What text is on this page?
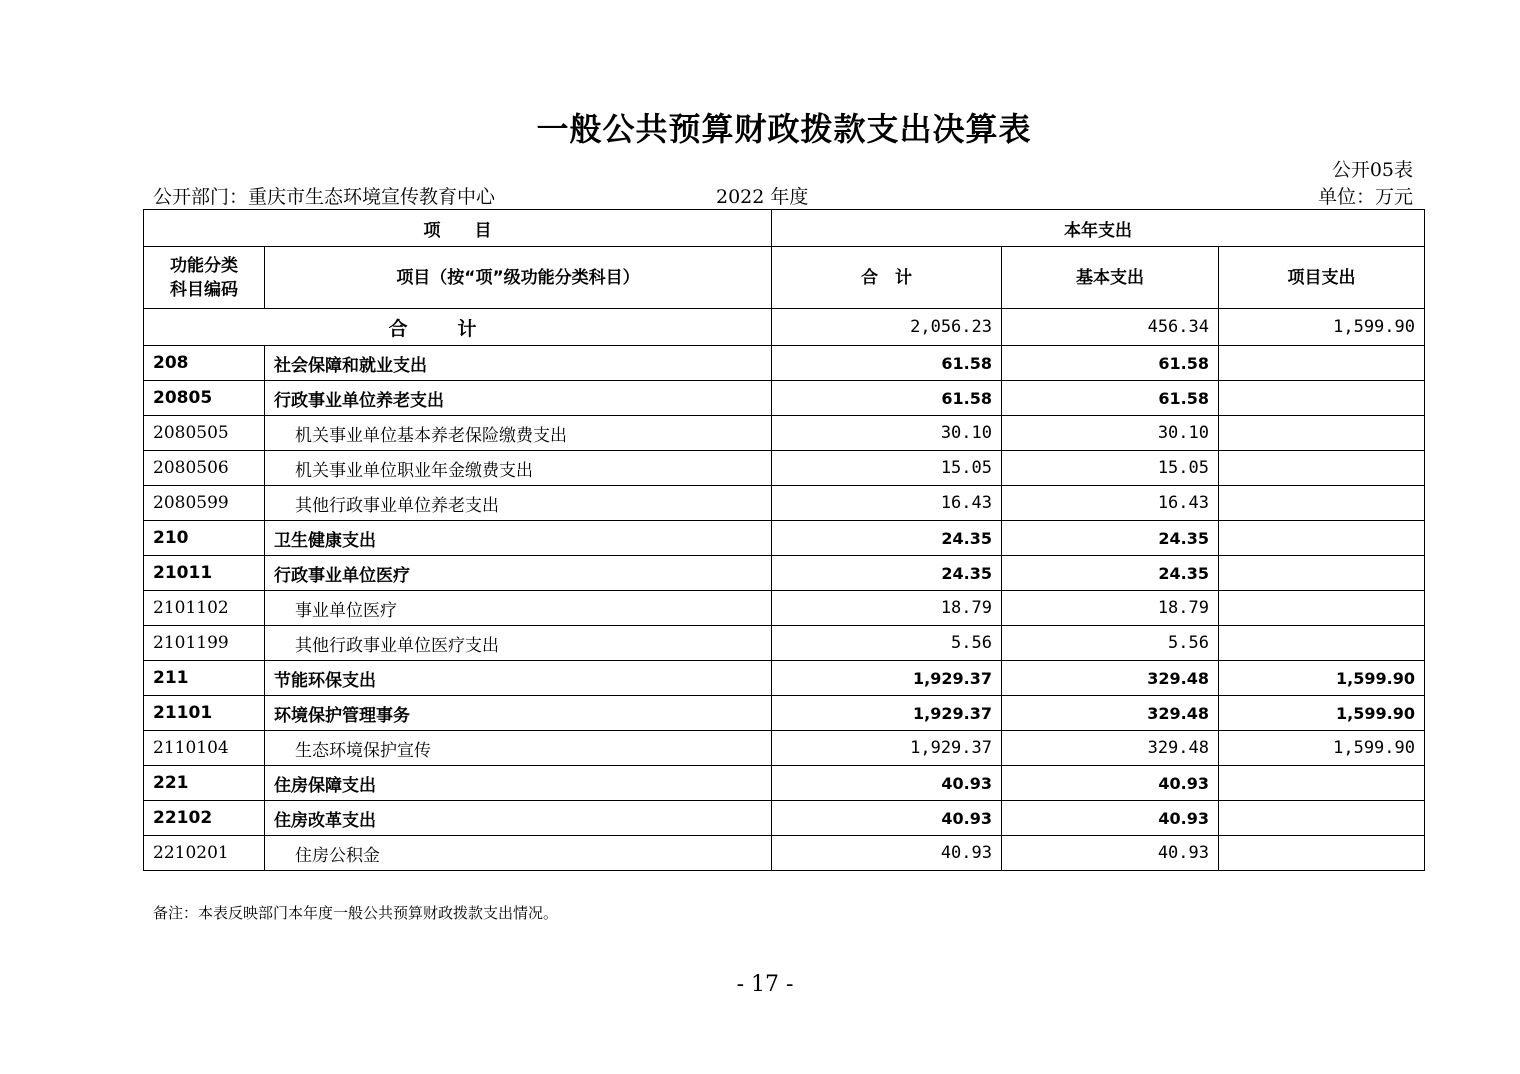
一般公共预算财政拨款支出决算表
公开05表
公开部门：重庆市生态环境宣传教育中心	2022 年度	单位：万元
项　　目		本年支出		

功能分类
科目编码	项目（按“项”级功能分类科目）	合　计	基本支出	项目支出
合计		2,056.23	456.34	1,599.90
208	社会保障和就业支出	61.58	61.58	
20805	行政事业单位养老支出	61.58	61.58	
2080505	机关事业单位基本养老保险缴费支出	30.10	30.10	
2080506	机关事业单位职业年金缴费支出	15.05	15.05	
2080599	其他行政事业单位养老支出	16.43	16.43	
210	卫生健康支出	24.35	24.35	
21011	行政事业单位医疗	24.35	24.35	
2101102	事业单位医疗	18.79	18.79	
2101199	其他行政事业单位医疗支出	5.56	5.56	
211	节能环保支出	1,929.37	329.48	1,599.90
21101	环境保护管理事务	1,929.37	329.48	1,599.90
2110104	生态环境保护宣传	1,929.37	329.48	1,599.90
221	住房保障支出	40.93	40.93	
22102	住房改革支出	40.93	40.93	
2210201	住房公积金	40.93	40.93	
备注：本表反映部门本年度一般公共预算财政拨款支出情况。
- 17 -
